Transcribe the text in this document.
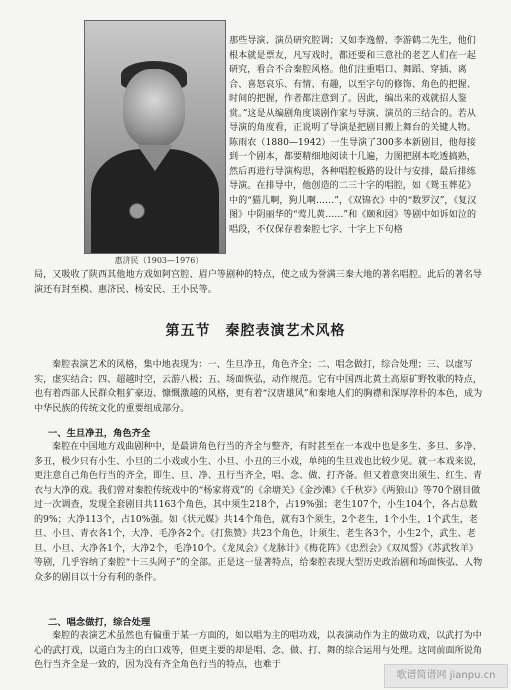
惠济民（1903—1976）
那些导演、演员研究腔调；又如李逸僧、李游鹤二先生，他们根本就是票友，凡写戏时，都还要和三意社的老艺人们在一起研究，看合不合秦腔风格。他们注重唱口、舞蹈、穿插、离合、喜怒哀乐、有情、有趣，以至字句的修饰、角色的把握、时间的把握，作者都注意到了。因此，编出来的戏就招人鉴赏。”这是从编剧角度谈剧作家与导演、演员的三结合的。若从导演的角度看，正说明了导演是把剧目搬上舞台的关键人物。陈雨农（1880—1942）一生导演了300多本新剧目，他每接到一个剧本，都要精细地阅读十几遍，力图把剧本吃透搞熟，然后再进行导演构思，各种唱腔板路的设计与安排，最后排练导演。在排导中，他创造的二三十字的唱腔，如《鸳玉葬花》中的“猫儿啊，狗儿啊……”，《双锦衣》中的“数罗汉”，《复汉图》中阴丽华的“莺儿黄……”和《颐和园》等剧中如诉如泣的唱段，不仅保存着秦腔七字、十字上下句格
局，又吸收了陕西其他地方戏如阿宫腔、眉户等剧种的特点，使之成为誉满三秦大地的著名唱腔。此后的著名导演还有封至模、惠济民、杨安民、王小民等。
第五节　秦腔表演艺术风格
秦腔表演艺术的风格，集中地表现为：一、生旦净丑，角色齐全；二、唱念做打，综合处理；三、以虚写实，虚实结合；四、超越时空，云游八极；五、场面恢弘，动作规范。它有中国西北黄土高原矿野牧歌的特点，也有着西部人民群众粗犷豪迈、慷慨激越的风格，更有着“汉唐雄风”和秦地人们的胸襟和深厚淳朴的本色，成为中华民族的传统文化的重要组成部分。
一、生旦净丑，角色齐全
秦腔在中国地方戏曲剧种中，是最讲角色行当的齐全与整齐，有时甚至在一本戏中也是多生、多旦、多净、多丑，极少只有小生、小旦的二小戏或小生、小旦、小丑的三小戏，单纯的生旦戏也比较少见。就一本戏来说，更注意自己角色行当的齐全，即生、旦、净、丑行当齐全，唱、念、做、打齐备。但又着意突出须生、红生、青衣与大净的戏。我们曾对秦腔传统戏中的“杨家将戏”的《余塘关》《金沙滩》《千秋岁》《两狼山》等70个剧目做过一次调查，发现全套剧目共1163个角色，其中须生218个，占19%强；老生107个，小生104个，各占总数的9%；大净113个，占10%强。如《状元媒》共14个角色，就有3个须生，2个老生，1个小生，1个武生，老旦、小旦、青衣各1个，大净、毛净各2个。《打焦赞》共23个角色，计须生、老生各3个，小生2个，武生、老旦、小旦、大净各1个，大净2个，毛净10个。《龙凤会》《龙脉计》《梅花阵》《忠烈会》《双凤誓》《苏武牧羊》等剧，几乎容纳了秦腔“十三头网子”的全部。正是这一显著特点，给秦腔表现大型历史政治剧和场面恢弘、人物众多的剧目以十分有利的条件。
二、唱念做打，综合处理
秦腔的表演艺术虽然也有偏重于某一方面的，如以唱为主的唱功戏，以表演动作为主的做功戏，以武打为中心的武打戏，以道白为主的白口戏等，但更主要的却是唱、念、做、打、舞的综合运用与处理。这同前面所说角色行当齐全是一致的，因为没有齐全角色行当的特点，也难于
歌谱简谱网 jianpu.cn
